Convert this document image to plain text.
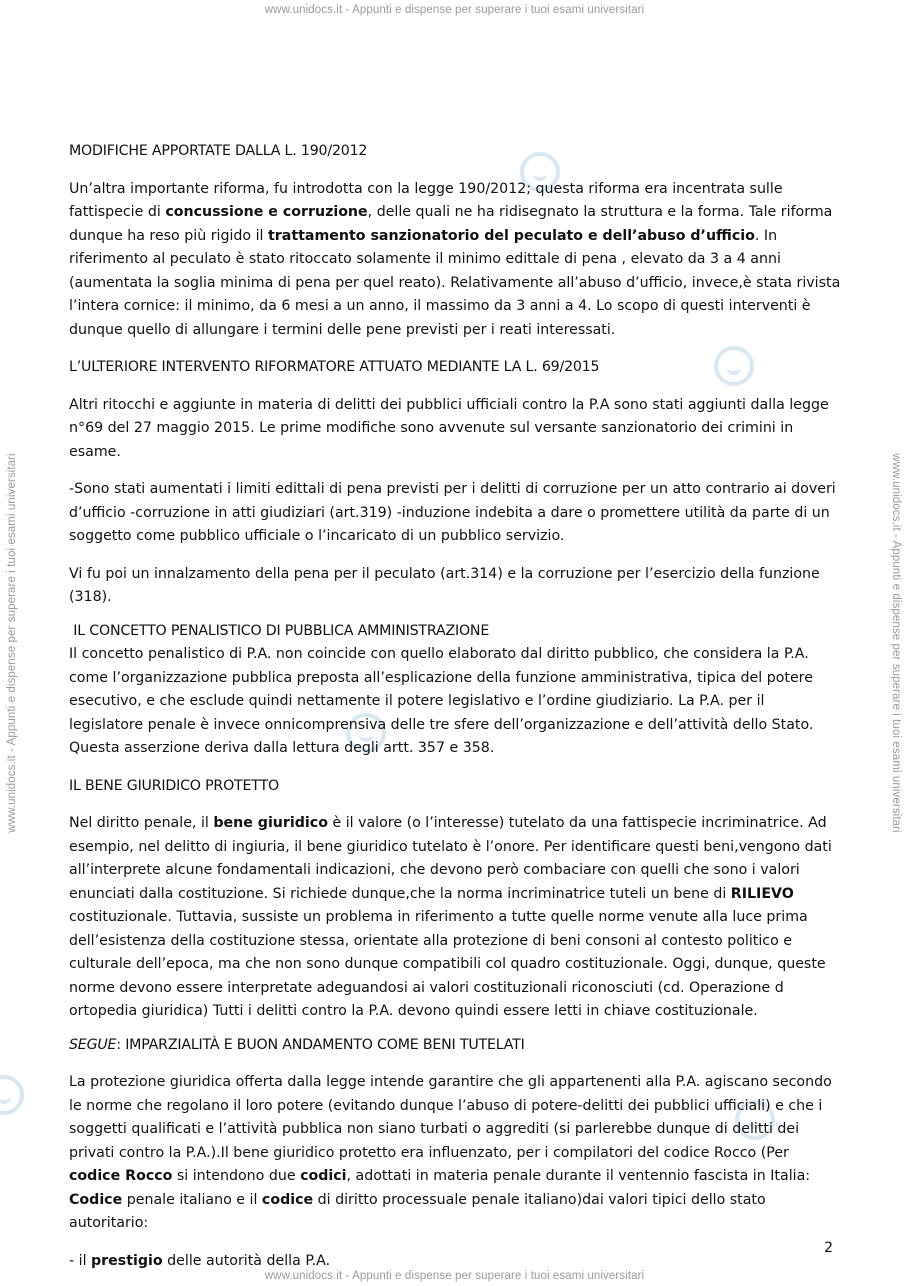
www.unidocs.it - Appunti e dispense per superare i tuoi esami universitari
www.unidocs.it - Appunti e dispense per superare i tuoi esami universitari
www.unidocs.it - Appunti e dispense per superare i tuoi esami universitari	www.unidocs.it - Appunti e dispense per superare i tuoi esami universitari

MODIFICHE APPORTATE DALLA L. 190/2012

Un’altra importante riforma, fu introdotta con la legge 190/2012; questa riforma era incentrata sulle fattispecie di concussione e corruzione, delle quali ne ha ridisegnato la struttura e la forma. Tale riforma dunque ha reso più rigido il trattamento sanzionatorio del peculato e dell’abuso d’ufficio. In riferimento al peculato è stato ritoccato solamente il minimo edittale di pena , elevato da 3 a 4 anni (aumentata la soglia minima di pena per quel reato). Relativamente all’abuso d’ufficio, invece,è stata rivista l’intera cornice: il minimo, da 6 mesi a un anno, il massimo da 3 anni a 4. Lo scopo di questi interventi è dunque quello di allungare i termini delle pene previsti per i reati interessati.

L’ULTERIORE INTERVENTO RIFORMATORE ATTUATO MEDIANTE LA L. 69/2015

Altri ritocchi e aggiunte in materia di delitti dei pubblici ufficiali contro la P.A sono stati aggiunti dalla legge n°69 del 27 maggio 2015. Le prime modifiche sono avvenute sul versante sanzionatorio dei crimini in esame.

-Sono stati aumentati i limiti edittali di pena previsti per i delitti di corruzione per un atto contrario ai doveri d’ufficio -corruzione in atti giudiziari (art.319) -induzione indebita a dare o promettere utilità da parte di un soggetto come pubblico ufficiale o l’incaricato di un pubblico servizio.

Vi fu poi un innalzamento della pena per il peculato (art.314) e la corruzione per l’esercizio della funzione (318).

IL CONCETTO PENALISTICO DI PUBBLICA AMMINISTRAZIONE

Il concetto penalistico di P.A. non coincide con quello elaborato dal diritto pubblico, che considera la P.A. come l’organizzazione pubblica preposta all’esplicazione della funzione amministrativa, tipica del potere esecutivo, e che esclude quindi nettamente il potere legislativo e l’ordine giudiziario. La P.A. per il legislatore penale è invece onnicomprensiva delle tre sfere dell’organizzazione e dell’attività dello Stato. Questa asserzione deriva dalla lettura degli artt. 357 e 358.

IL BENE GIURIDICO PROTETTO

Nel diritto penale, il bene giuridico è il valore (o l’interesse) tutelato da una fattispecie incriminatrice. Ad esempio, nel delitto di ingiuria, il bene giuridico tutelato è l’onore. Per identificare questi beni,vengono dati all’interprete alcune fondamentali indicazioni, che devono però combaciare con quelli che sono i valori enunciati dalla costituzione. Si richiede dunque,che la norma incriminatrice tuteli un bene di RILIEVO costituzionale. Tuttavia, sussiste un problema in riferimento a tutte quelle norme venute alla luce prima dell’esistenza della costituzione stessa, orientate alla protezione di beni consoni al contesto politico e culturale dell’epoca, ma che non sono dunque compatibili col quadro costituzionale. Oggi, dunque, queste norme devono essere interpretate adeguandosi ai valori costituzionali riconosciuti (cd. Operazione d ortopedia giuridica) Tutti i delitti contro la P.A. devono quindi essere letti in chiave costituzionale.

SEGUE: IMPARZIALITÀ E BUON ANDAMENTO COME BENI TUTELATI

La protezione giuridica offerta dalla legge intende garantire che gli appartenenti alla P.A. agiscano secondo le norme che regolano il loro potere (evitando dunque l’abuso di potere-delitti dei pubblici ufficiali) e che i soggetti qualificati e l’attività pubblica non siano turbati o aggrediti (si parlerebbe dunque di delitti dei privati contro la P.A.).Il bene giuridico protetto era influenzato, per i compilatori del codice Rocco (Per codice Rocco si intendono due codici, adottati in materia penale durante il ventennio fascista in Italia: Codice penale italiano e il codice di diritto processuale penale italiano)dai valori tipici dello stato autoritario:

- il prestigio delle autorità della P.A.

2
